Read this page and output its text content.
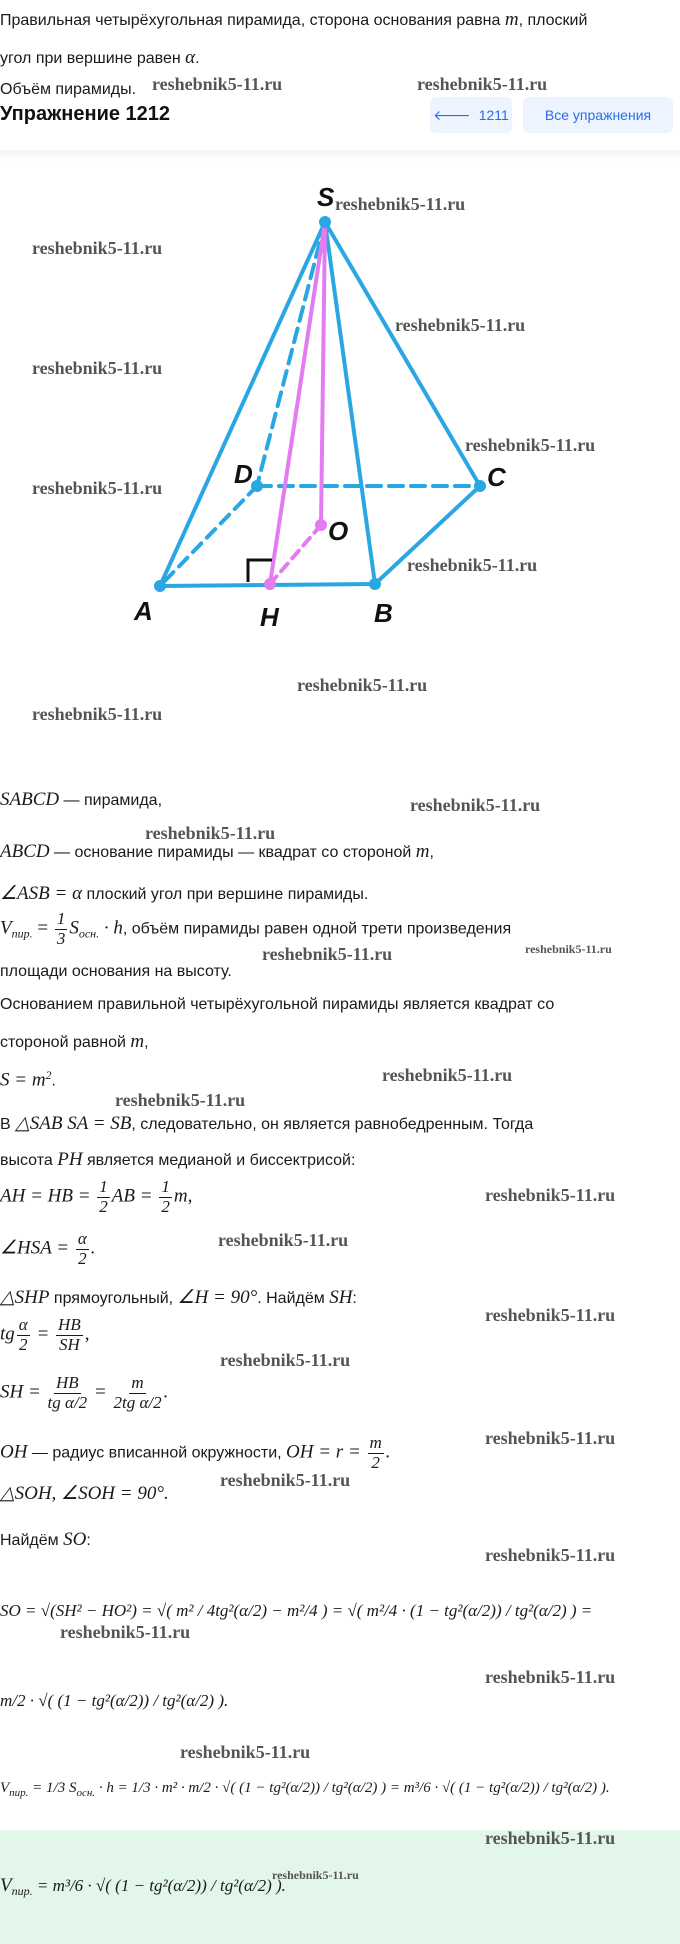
Правильная четырёхугольная пирамида, сторона основания равна m, плоский
угол при вершине равен α.
Объём пирамиды.
Упражнение 1212	🡐 1211	Все упражнения
S
A	B
C
D
O
H
SABCD — пирамида,
ABCD — основание пирамиды — квадрат со стороной m,
∠ASB = α плоский угол при вершине пирамиды.
$V_{пир.} = \frac{1}{3} S_{осн.} \cdot h$, объём пирамиды равен одной трети произведения
площади основания на высоту.
Основанием правильной четырёхугольной пирамиды является квадрат со
стороной равной m,
$S = m^2$.
В △SAB SA = SB, следовательно, он является равнобедренным. Тогда
высота PH является медианой и биссектрисой:
AH = HB = $\frac{1}{2}$ AB = $\frac{1}{2} m$,
∠HSA = $\frac{\alpha}{2}$ .
△SHP прямоугольный, ∠H = 90°. Найдём SH:
tg $\frac{\alpha}{2} = \frac{HB}{SH}$ ,
SH = $\frac{HB}{\text{tg α/2}} = \frac{m}{\text{2tg α/2}}$ .
OH — радиус вписанной окружности, OH = $r = \frac{m}{2}$ .
△SOH, ∠SOH = 90°.
Найдём SO:
SO = √(SH² − HO²) = √( m² / 4tg²(α/2) − m²/4 ) = √( m²/4 · (1 − tg²(α/2)) / tg²(α/2) ) =
m/2 · √( (1 − tg²(α/2)) / tg²(α/2) ).
$V_{пир.} = 1/3$ $S_{осн.} \cdot h = 1/3 \cdot m^2 \cdot m/2$ · √( (1 − tg²(α/2)) / tg²(α/2) ) = m³/6 · √( (1 − tg²(α/2)) / tg²(α/2) ).
$V_{пир.} = m^3/6$ · √( (1 − tg²(α/2)) / tg²(α/2) ).
reshebnik5-11.ru	reshebnik5-11.ru
reshebnik5-11.ru
reshebnik5-11.ru
reshebnik5-11.ru
reshebnik5-11.ru
reshebnik5-11.ru
reshebnik5-11.ru
reshebnik5-11.ru
reshebnik5-11.ru
reshebnik5-11.ru
reshebnik5-11.ru
reshebnik5-11.ru
reshebnik5-11.ru	reshebnik5-11.ru
reshebnik5-11.ru
reshebnik5-11.ru
reshebnik5-11.ru
reshebnik5-11.ru
reshebnik5-11.ru
reshebnik5-11.ru
reshebnik5-11.ru
reshebnik5-11.ru
reshebnik5-11.ru
reshebnik5-11.ru
reshebnik5-11.ru
reshebnik5-11.ru
reshebnik5-11.ru
reshebnik5-11.ru
